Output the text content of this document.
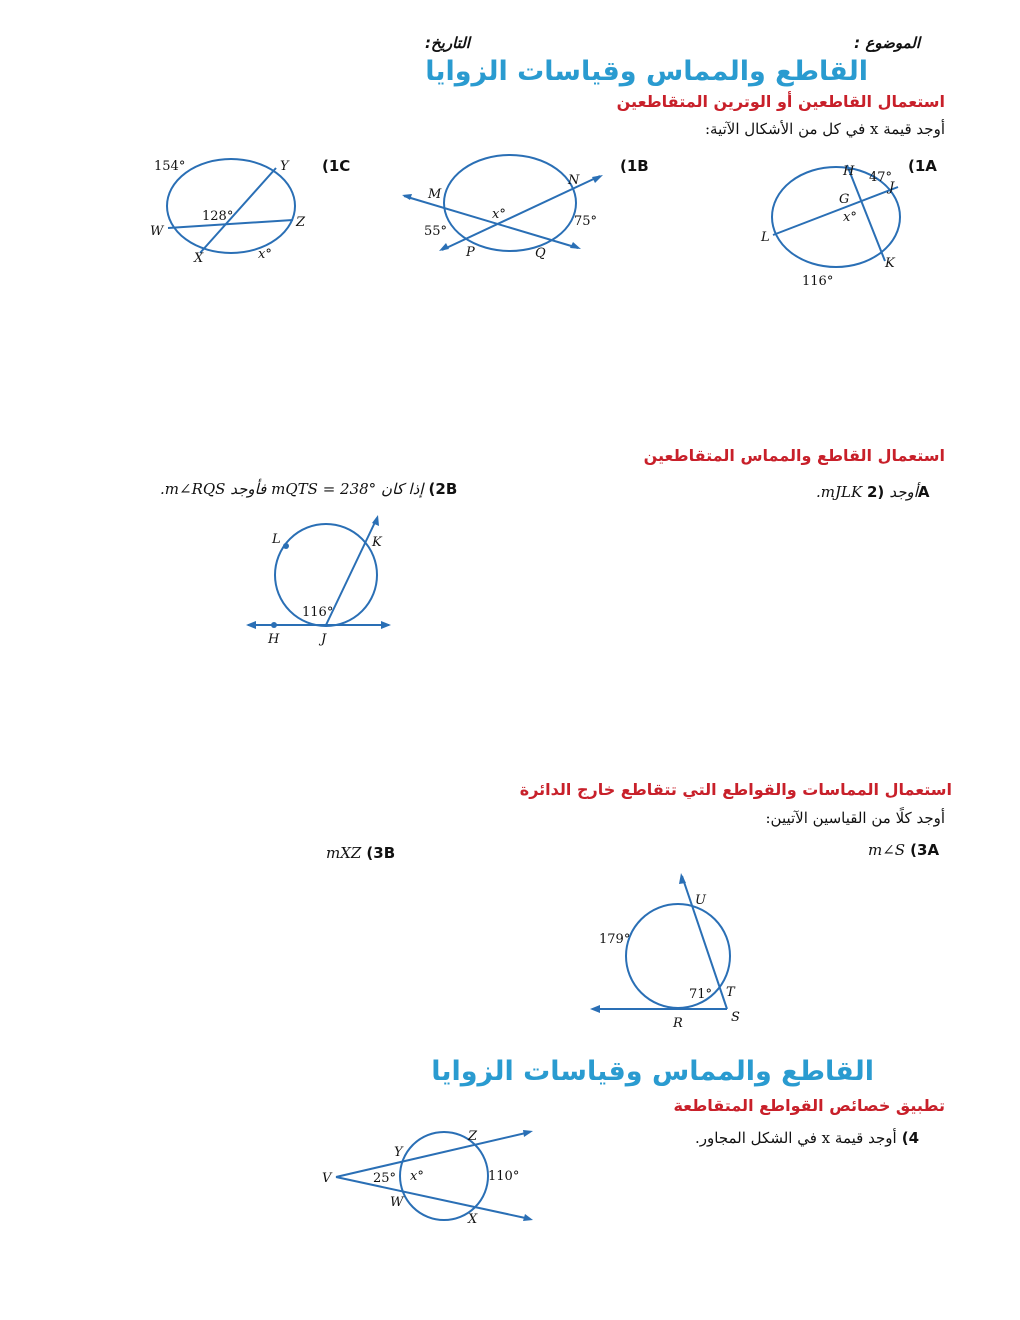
الموضوع :
التاريخ:
القاطع والمماس وقياسات الزوايا
استعمال القاطعين أو الوترين المتقاطعين
أوجد قيمة x في كل من الأشكال الآتية:
(1A
H
J
G
L
K
47°
116°
x°
(1B
M
N
P	Q
55°
75°
x°
(1C
154°	Y
W
Z
X
128°
x°
استعمال القاطع والمماس المتقاطعين
.mJLK أوجد (2A
إذا كان mQTS = 238° فأوجد m∠RQS. (2B
L	K
H	J
116°
استعمال المماسات والقواطع التي تتقاطع خارج الدائرة
أوجد كلًا من القياسين الآتيين:
m∠S (3A
mXZ (3B
U
T
R	S
179°
71°
القاطع والمماس وقياسات الزوايا
تطبيق خصائص القواطع المتقاطعة
أوجد قيمة x في الشكل المجاور. (4
Y
Z
V
W
X
25°	110°
x°
